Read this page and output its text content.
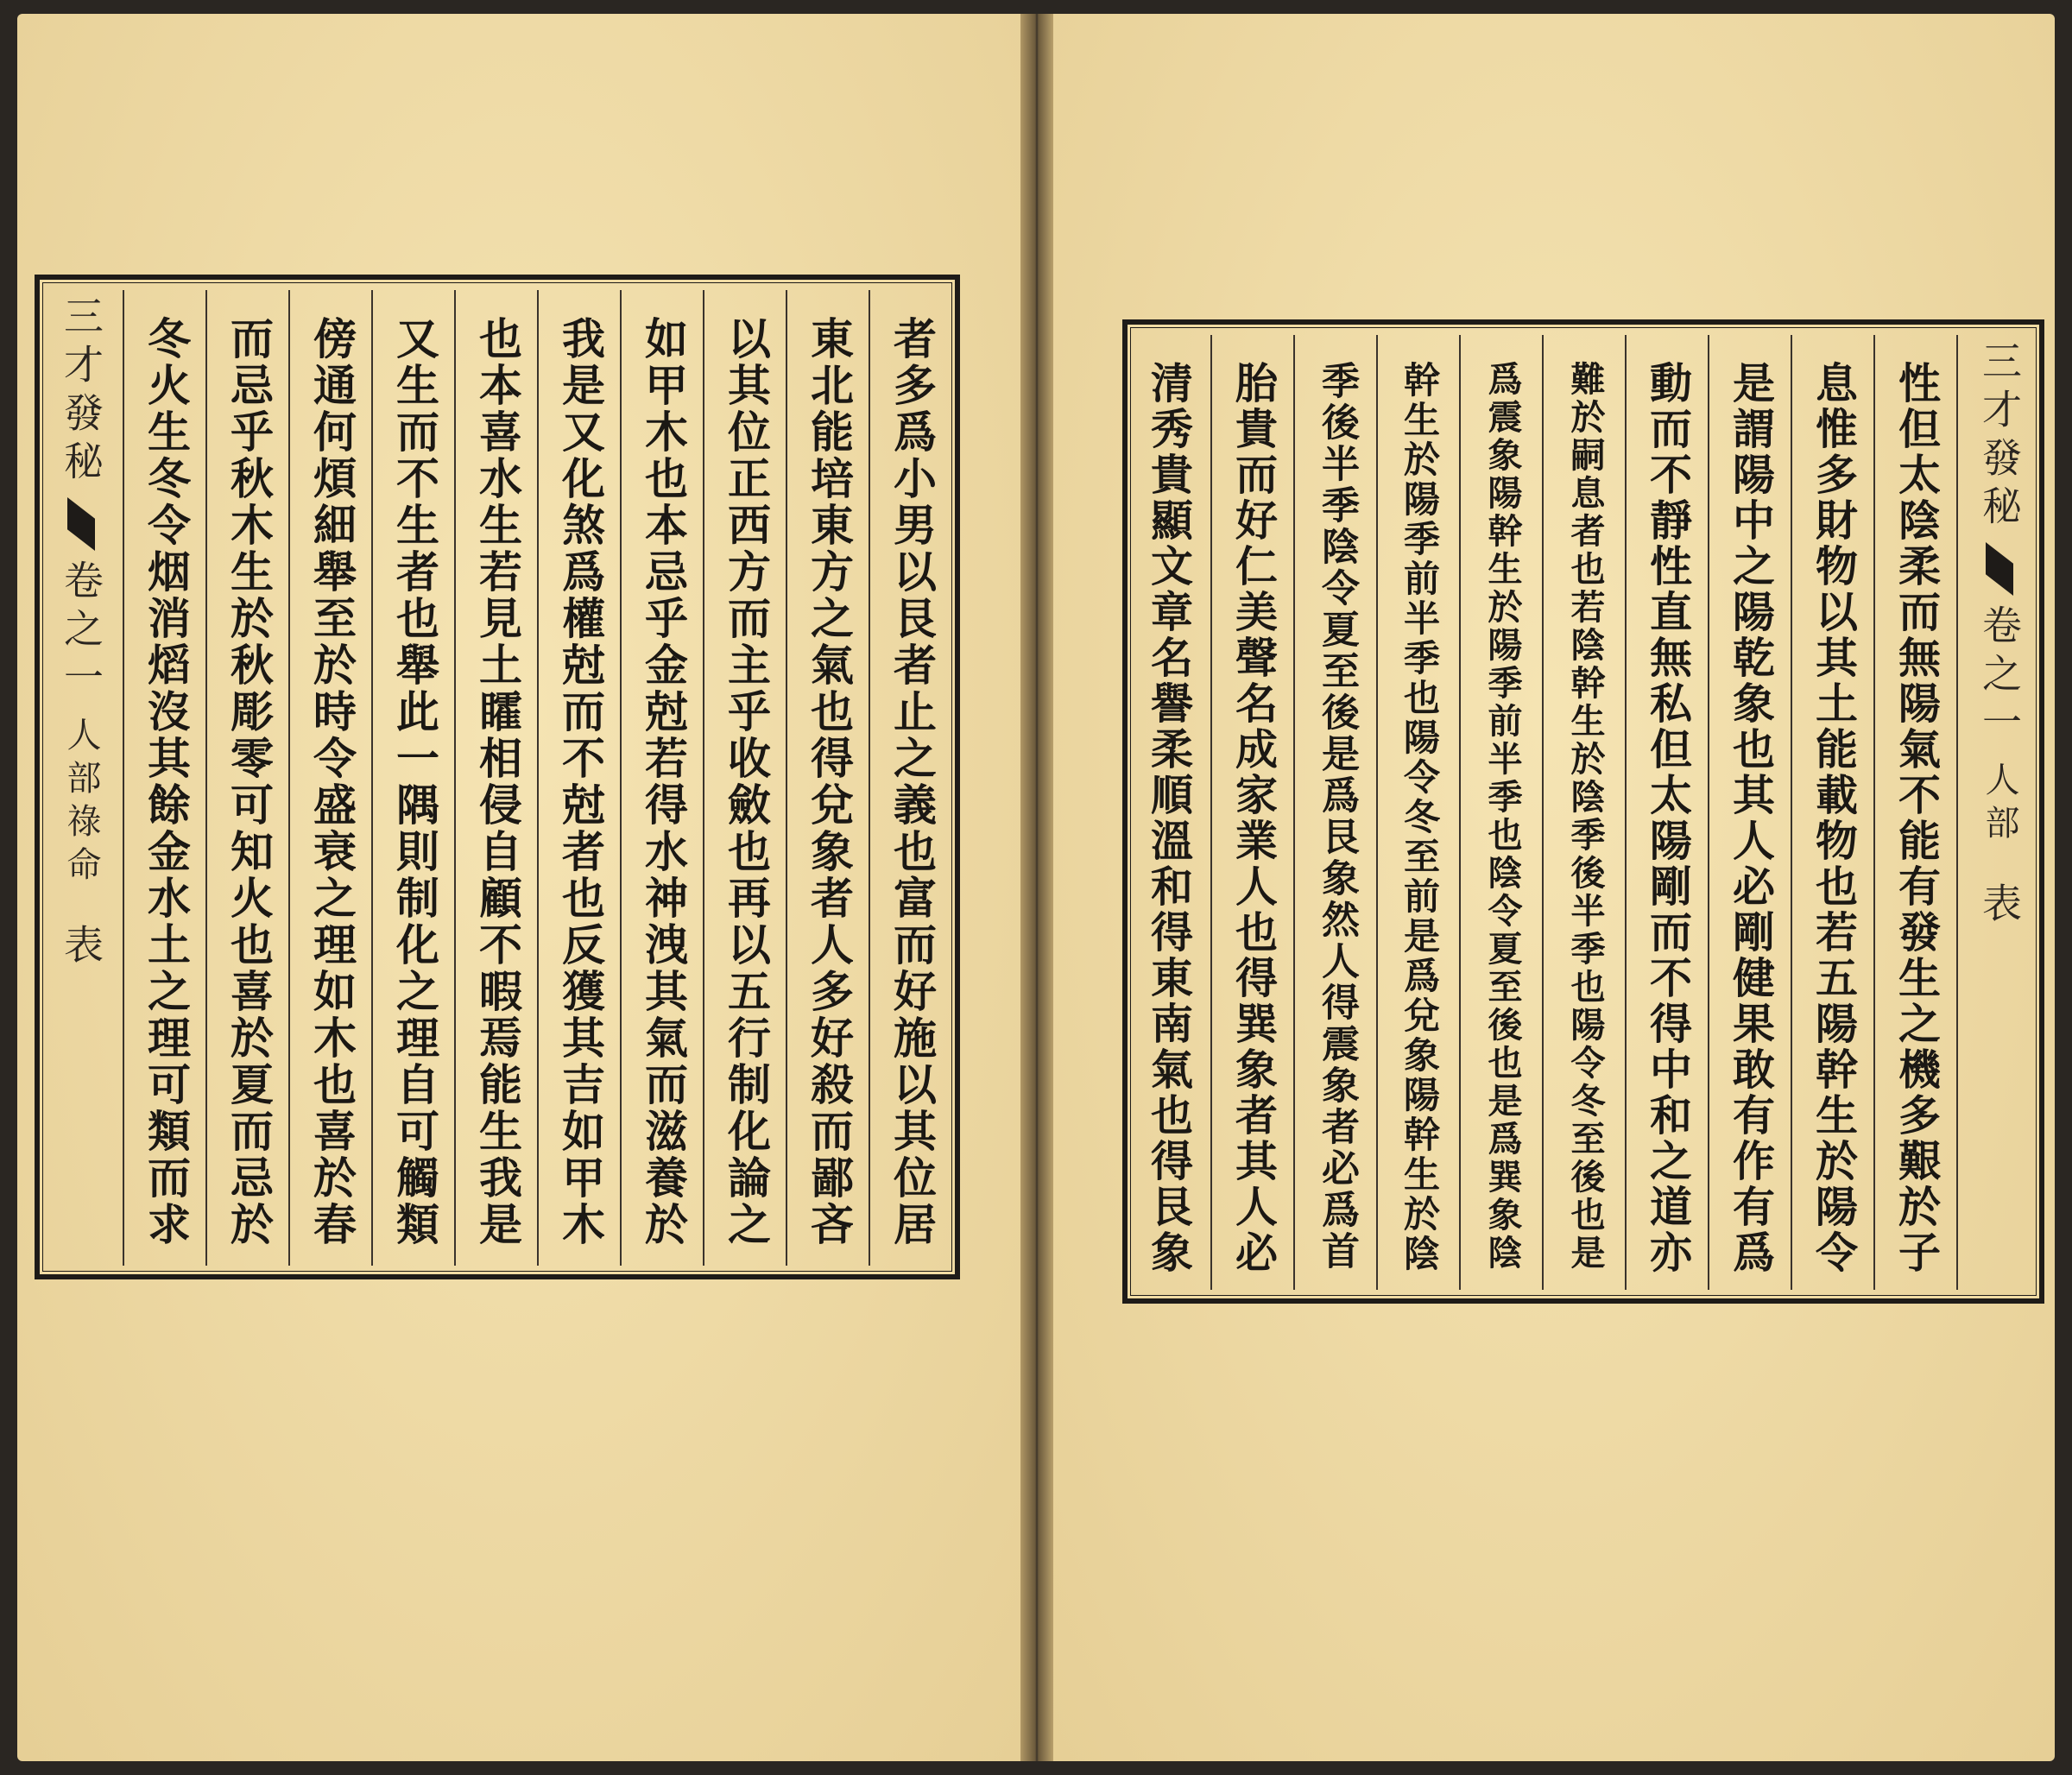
三才發秘
卷之一
人部祿命
表 冬火生冬令烟消熖沒其餘金水土之理可類而求 而忌乎秋木生於秋彫零可知火也喜於夏而忌於 傍通何煩細舉至於時令盛衰之理如木也喜於春 又生而不生者也舉此一隅則制化之理自可觸類 也本喜水生若見土矐相侵自顧不暇焉能生我是 我是又化煞爲權尅而不尅者也反獲其吉如甲木 如甲木也本忌乎金尅若得水神洩其氣而滋養於 以其位正西方而主乎收斂也再以五行制化論之 東北能培東方之氣也得兌象者人多好殺而鄙吝 者多爲小男以艮者止之義也富而好施以其位居	清秀貴顯文章名譽柔順溫和得東南氣也得艮象 胎貴而好仁美聲名成家業人也得巽象者其人必 季後半季陰令夏至後是爲艮象然人得震象者必爲首 幹生於陽季前半季也陽令冬至前是爲兌象陽幹生於陰 爲震象陽幹生於陽季前半季也陰令夏至後也是爲巽象陰 難於嗣息者也若陰幹生於陰季後半季也陽令冬至後也是 動而不靜性直無私但太陽剛而不得中和之道亦 是謂陽中之陽乾象也其人必剛健果敢有作有爲 息惟多財物以其土能載物也若五陽幹生於陽令 性但太陰柔而無陽氣不能有發生之機多艱於子 三才發秘
卷之一
人部
表
